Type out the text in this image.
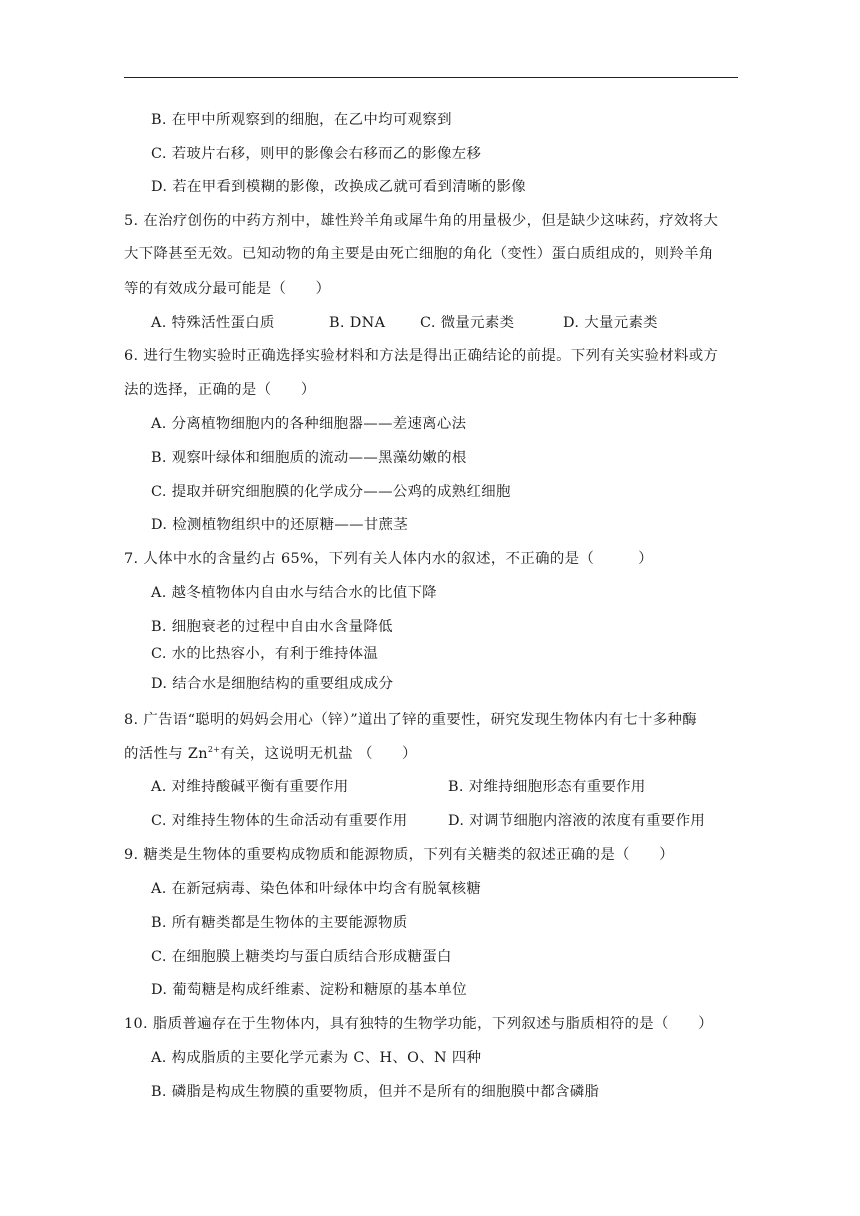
B. 在甲中所观察到的细胞，在乙中均可观察到
C. 若玻片右移，则甲的影像会右移而乙的影像左移
D. 若在甲看到模糊的影像，改换成乙就可看到清晰的影像
5. 在治疗创伤的中药方剂中，雄性羚羊角或犀牛角的用量极少，但是缺少这味药，疗效将大
大下降甚至无效。已知动物的角主要是由死亡细胞的角化（变性）蛋白质组成的，则羚羊角
等的有效成分最可能是（　　）
A. 特殊活性蛋白质	B. DNA C. 微量元素类	D. 大量元素类
6. 进行生物实验时正确选择实验材料和方法是得出正确结论的前提。下列有关实验材料或方
法的选择，正确的是（　　）
A. 分离植物细胞内的各种细胞器——差速离心法
B. 观察叶绿体和细胞质的流动——黑藻幼嫩的根
C. 提取并研究细胞膜的化学成分——公鸡的成熟红细胞
D. 检测植物组织中的还原糖——甘蔗茎
7. 人体中水的含量约占 65%，下列有关人体内水的叙述，不正确的是（　　　）
A. 越冬植物体内自由水与结合水的比值下降
B. 细胞衰老的过程中自由水含量降低
C. 水的比热容小，有利于维持体温
D. 结合水是细胞结构的重要组成成分
8. 广告语“聪明的妈妈会用心（锌）”道出了锌的重要性，研究发现生物体内有七十多种酶
的活性与 $Zn^{2+}$有关，这说明无机盐 （　　）
A. 对维持酸碱平衡有重要作用	B. 对维持细胞形态有重要作用
C. 对维持生物体的生命活动有重要作用	D. 对调节细胞内溶液的浓度有重要作用
9. 糖类是生物体的重要构成物质和能源物质，下列有关糖类的叙述正确的是（　　）
A. 在新冠病毒、染色体和叶绿体中均含有脱氧核糖
B. 所有糖类都是生物体的主要能源物质
C. 在细胞膜上糖类均与蛋白质结合形成糖蛋白
D. 葡萄糖是构成纤维素、淀粉和糖原的基本单位
10. 脂质普遍存在于生物体内，具有独特的生物学功能，下列叙述与脂质相符的是（　　）
A. 构成脂质的主要化学元素为 C、H、O、N 四种
B. 磷脂是构成生物膜的重要物质，但并不是所有的细胞膜中都含磷脂
